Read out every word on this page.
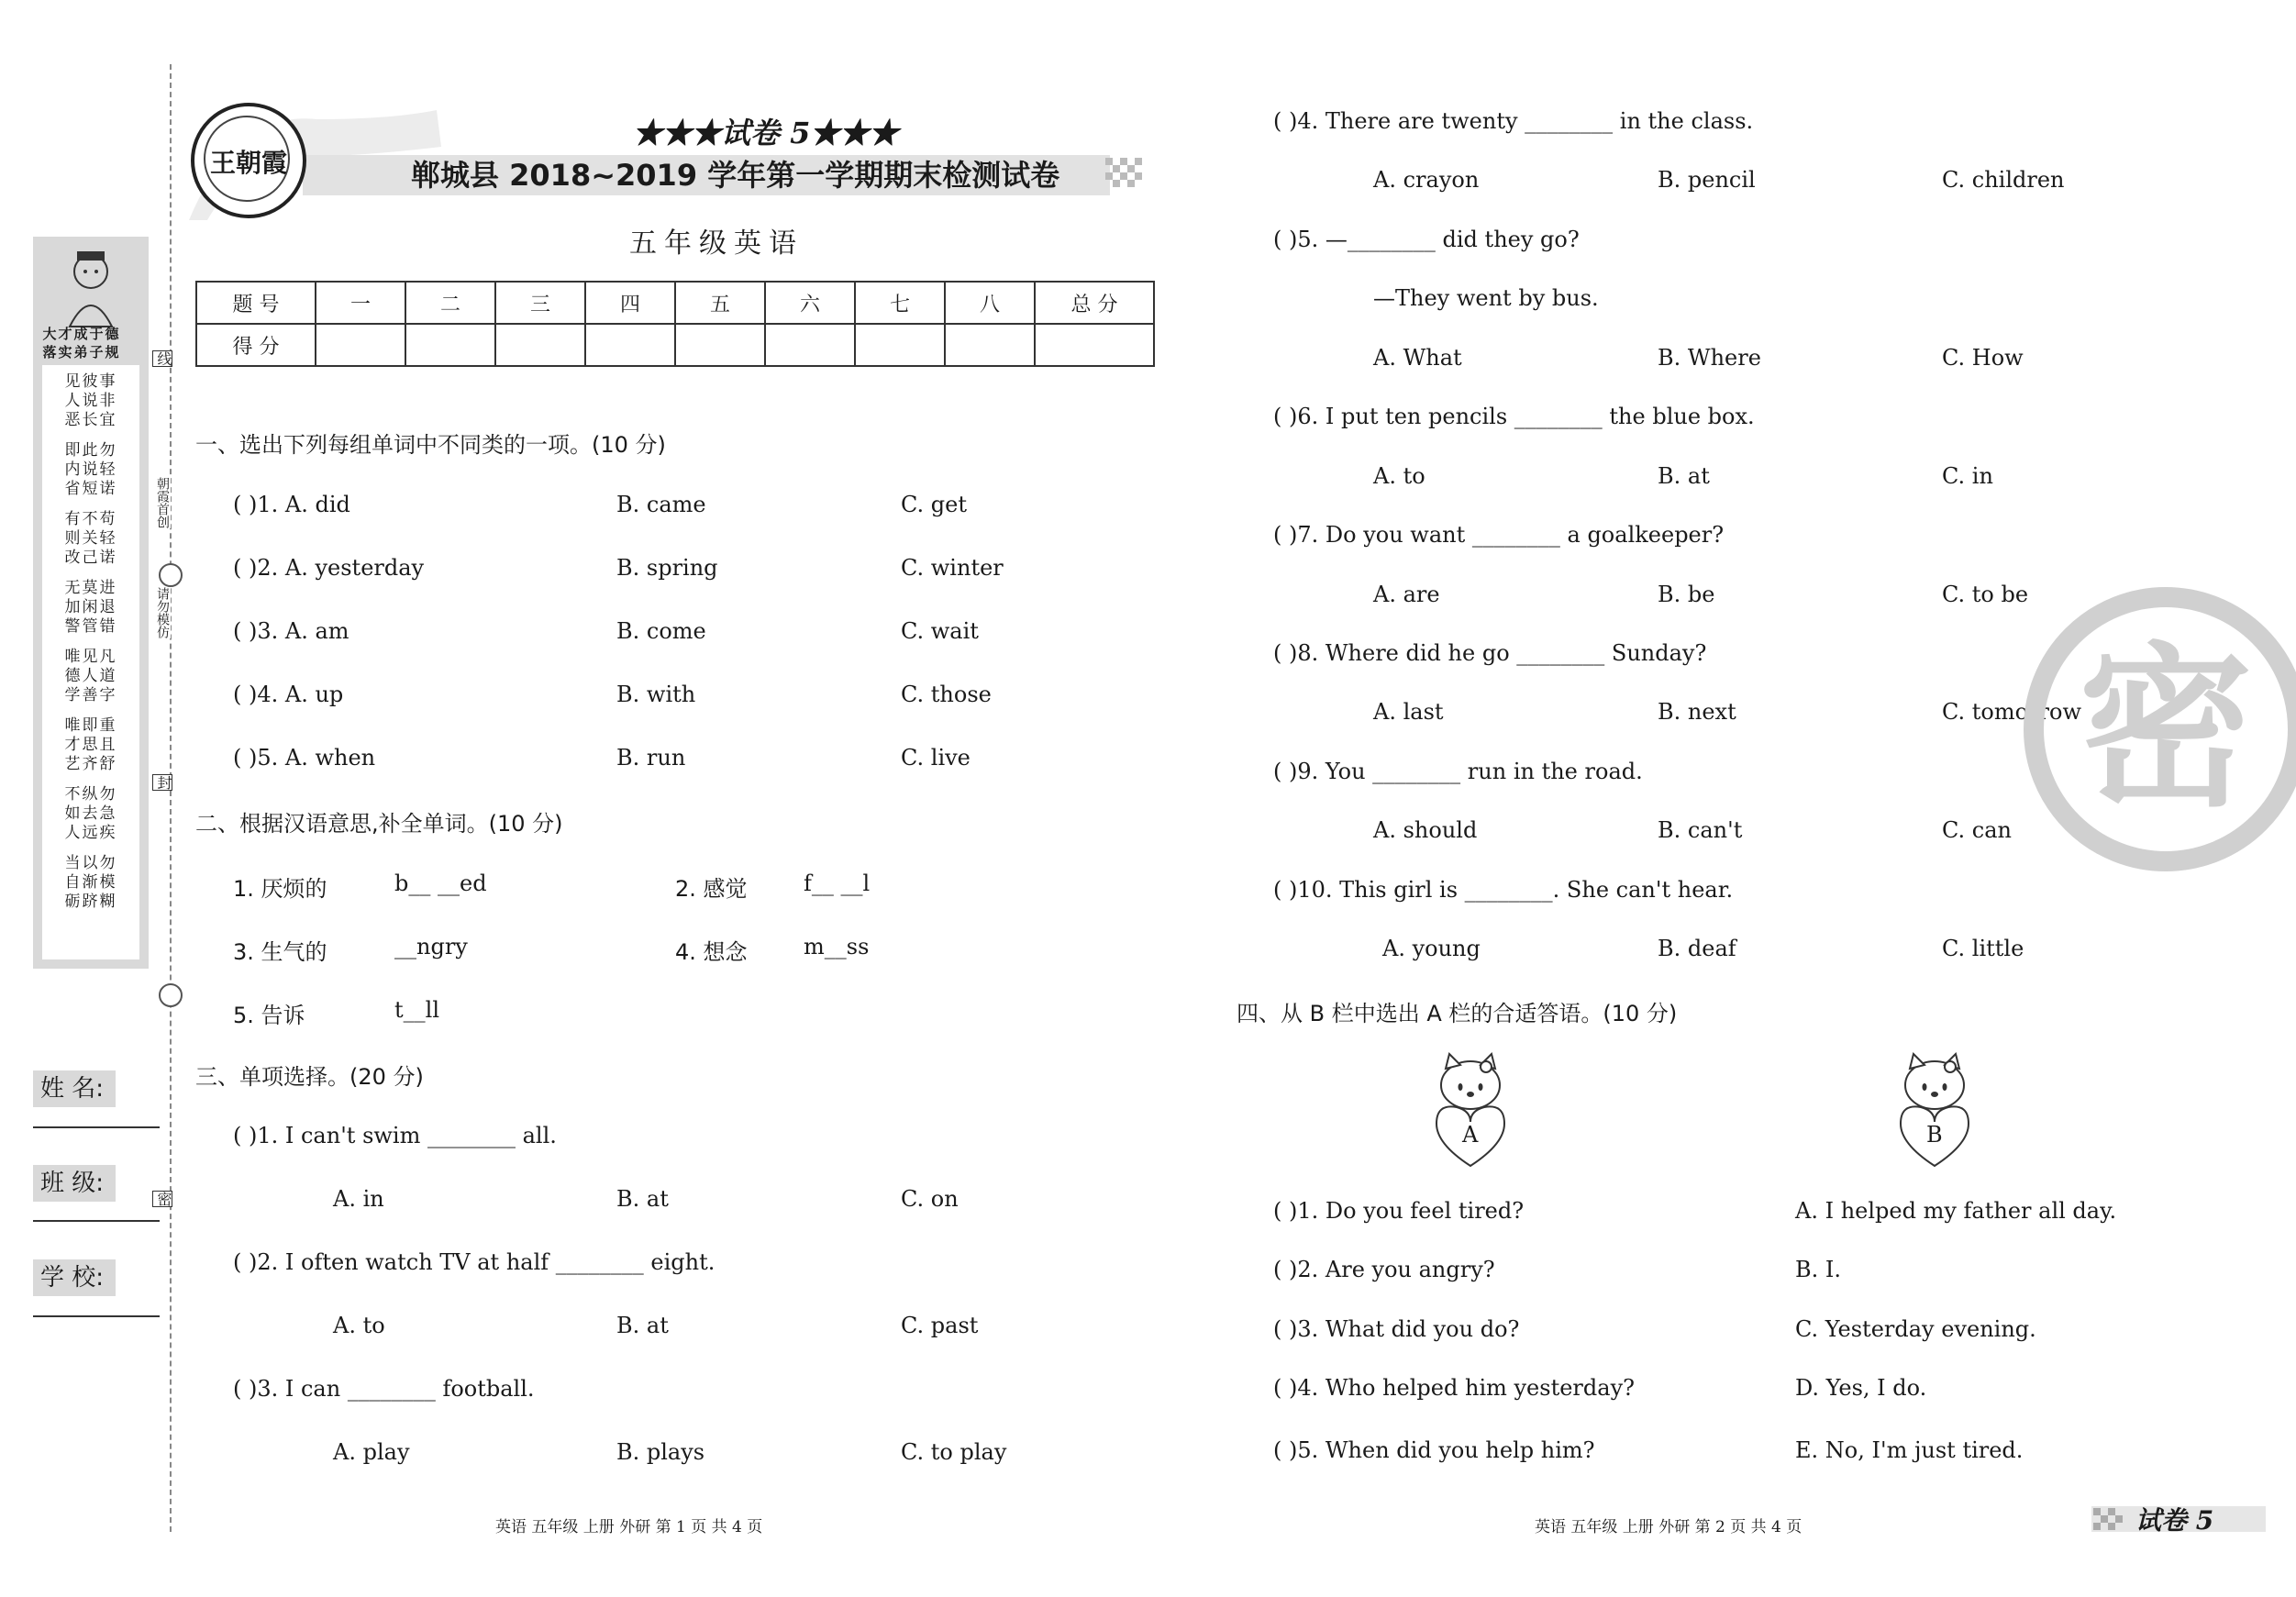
大才成于德
落实弟子规
见彼事
人说非
恶长宜
即此勿
内说轻
省短诺
有不苟
则关轻
改己诺
无莫进
加闲退
警管错
唯见凡
德人道
学善字
唯即重
才思且
艺齐舒
不纵勿
如去急
人远疾
当以勿
自渐模
砺跻糊
姓 名:
班 级:
学 校:
线
朝霞首创
请勿模仿
封
密
王朝霞
★★★试卷 5★★★
郸城县 2018~2019 学年第一学期期末检测试卷
五年级英语
题 号	一	二	三	四	五	六	七	八	总 分
得 分									
一、选出下列每组单词中不同类的一项。(10 分)
( )1. A. did	B. came	C. get
( )2. A. yesterday	B. spring	C. winter
( )3. A. am	B. come	C. wait
( )4. A. up	B. with	C. those
( )5. A. when	B. run	C. live
二、根据汉语意思,补全单词。(10 分)
1. 厌烦的	b__ __ed	2. 感觉	f__ __l
3. 生气的	__ngry	4. 想念	m__ss
5. 告诉	t__ll
三、单项选择。(20 分)
( )1. I can't swim ________ all.
A. in	B. at	C. on
( )2. I often watch TV at half ________ eight.
A. to	B. at	C. past
( )3. I can ________ football.
A. play	B. plays	C. to play
英语 五年级 上册 外研 第 1 页 共 4 页
( )4. There are twenty ________ in the class.
A. crayon	B. pencil	C. children
( )5. —________ did they go?
—They went by bus.
A. What	B. Where	C. How
( )6. I put ten pencils ________ the blue box.
A. to	B. at	C. in
( )7. Do you want ________ a goalkeeper?
A. are	B. be	C. to be
( )8. Where did he go ________ Sunday?
A. last	B. next	C. tomorrow
( )9. You ________ run in the road.
A. should	B. can't	C. can
( )10. This girl is ________. She can't hear.
A. young	B. deaf	C. little
四、从 B 栏中选出 A 栏的合适答语。(10 分)
A	B
( )1. Do you feel tired?	A. I helped my father all day.
( )2. Are you angry?	B. I.
( )3. What did you do?	C. Yesterday evening.
( )4. Who helped him yesterday?	D. Yes, I do.
( )5. When did you help him?	E. No, I'm just tired.
密
英语 五年级 上册 外研 第 2 页 共 4 页	试卷 5
